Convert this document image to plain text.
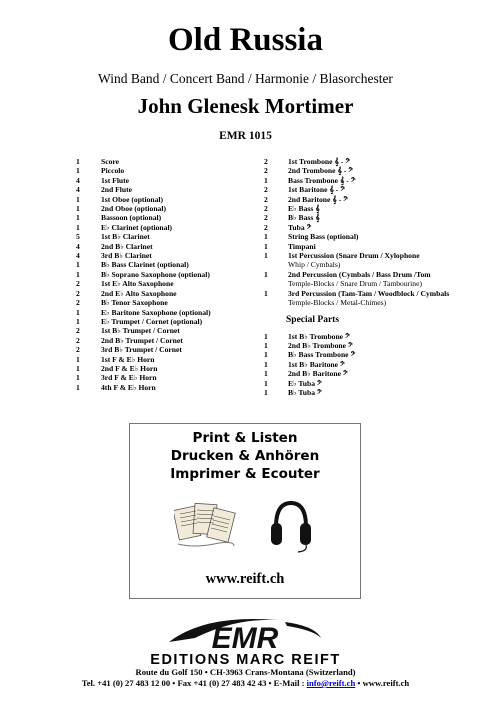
Old Russia
Wind Band / Concert Band / Harmonie / Blasorchester
John Glenesk Mortimer
EMR 1015
1	Score
1	Piccolo
4	1st Flute
4	2nd Flute
1	1st Oboe (optional)
1	2nd Oboe (optional)
1	Bassoon (optional)
1	E♭ Clarinet (optional)
5	1st B♭ Clarinet
4	2nd B♭ Clarinet
4	3rd B♭ Clarinet
1	B♭ Bass Clarinet (optional)
1	B♭ Soprano Saxophone (optional)
2	1st E♭ Alto Saxophone
2	2nd E♭ Alto Saxophone
2	B♭ Tenor Saxophone
1	E♭ Baritone Saxophone (optional)
1	E♭ Trumpet / Cornet (optional)
2	1st B♭ Trumpet / Cornet
2	2nd B♭ Trumpet / Cornet
2	3rd B♭ Trumpet / Cornet
1	1st F & E♭ Horn
1	2nd F & E♭ Horn
1	3rd F & E♭ Horn
1	4th F & E♭ Horn
2	1st Trombone 𝄞 - 𝄢
2	2nd Trombone 𝄞 - 𝄢
1	Bass Trombone 𝄞 - 𝄢
2	1st Baritone 𝄞 - 𝄢
2	2nd Baritone 𝄞 - 𝄢
2	E♭ Bass 𝄞
2	B♭ Bass 𝄞
2	Tuba 𝄢
1	String Bass (optional)
1	Timpani
1	1st Percussion (Snare Drum / Xylophone
Whip / Cymbals)
1	2nd Percussion (Cymbals / Bass Drum /Tom
Temple-Blocks / Snare Drum / Tambourine)
1	3rd Percussion (Tam-Tam / Woodblock / Cymbals
Temple-Blocks / Metal-Chimes)
Special Parts
1	1st B♭ Trombone 𝄢
1	2nd B♭ Trombone 𝄢
1	B♭ Bass Trombone 𝄢
1	1st B♭ Baritone 𝄢
1	2nd B♭ Baritone 𝄢
1	E♭ Tuba 𝄢
1	B♭ Tuba 𝄢
Print & Listen
Drucken & Anhören
Imprimer & Ecouter
www.reift.ch
EMR
EDITIONS MARC REIFT
Route du Golf 150 • CH-3963 Crans-Montana (Switzerland)
Tel. +41 (0) 27 483 12 00 • Fax +41 (0) 27 483 42 43 • E-Mail : info@reift.ch • www.reift.ch
